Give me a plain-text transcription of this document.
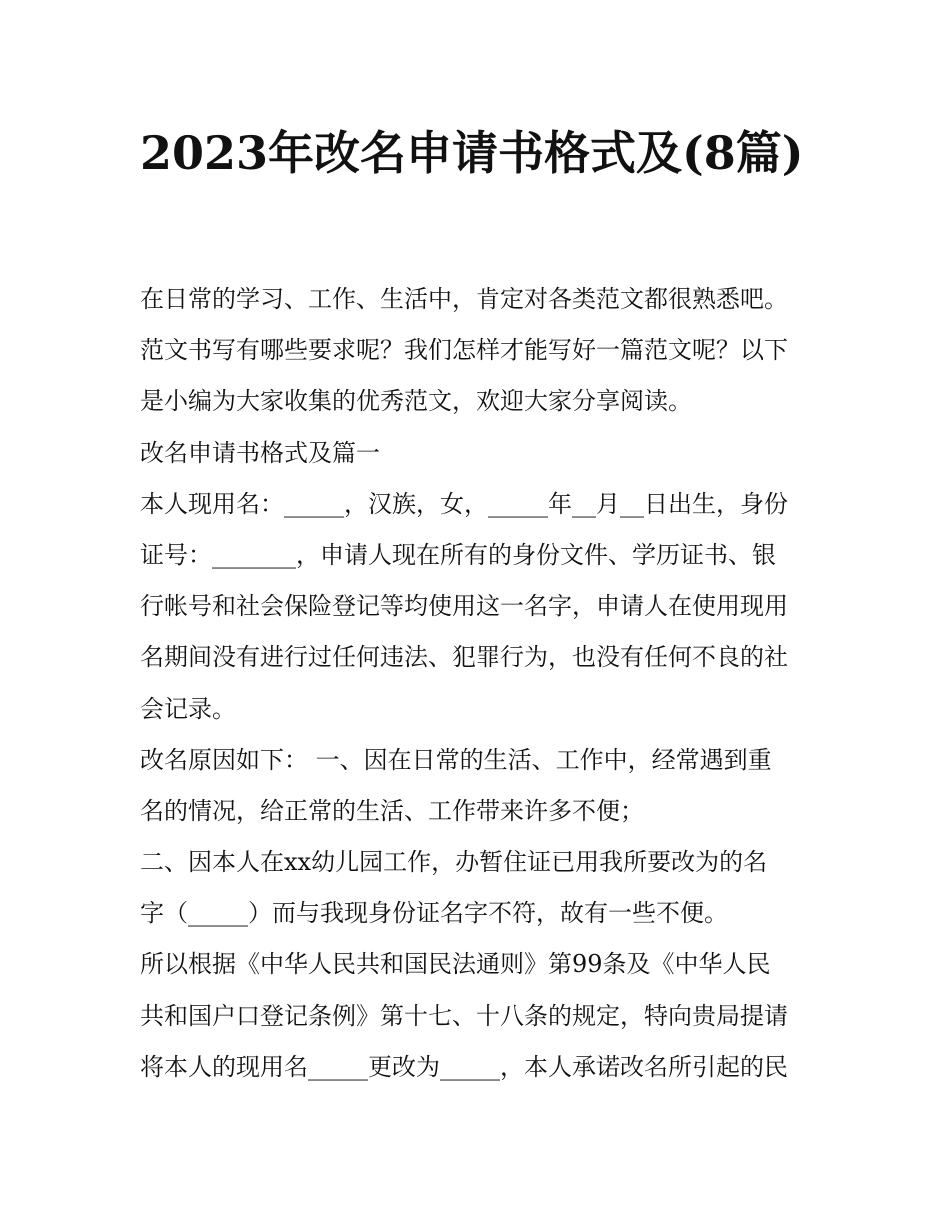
2023年改名申请书格式及(8篇)

在日常的学习、工作、生活中，肯定对各类范文都很熟悉吧。

范文书写有哪些要求呢？我们怎样才能写好一篇范文呢？以下

是小编为大家收集的优秀范文，欢迎大家分享阅读。

改名申请书格式及篇一

本人现用名：_____，汉族，女，_____年__月__日出生，身份

证号：_______，申请人现在所有的身份文件、学历证书、银

行帐号和社会保险登记等均使用这一名字，申请人在使用现用

名期间没有进行过任何违法、犯罪行为，也没有任何不良的社

会记录。

改名原因如下： 一、因在日常的生活、工作中，经常遇到重

名的情况，给正常的生活、工作带来许多不便；

二、因本人在xx幼儿园工作，办暂住证已用我所要改为的名

字（_____）而与我现身份证名字不符，故有一些不便。

所以根据《中华人民共和国民法通则》第99条及《中华人民

共和国户口登记条例》第十七、十八条的规定，特向贵局提请

将本人的现用名_____更改为_____，本人承诺改名所引起的民
